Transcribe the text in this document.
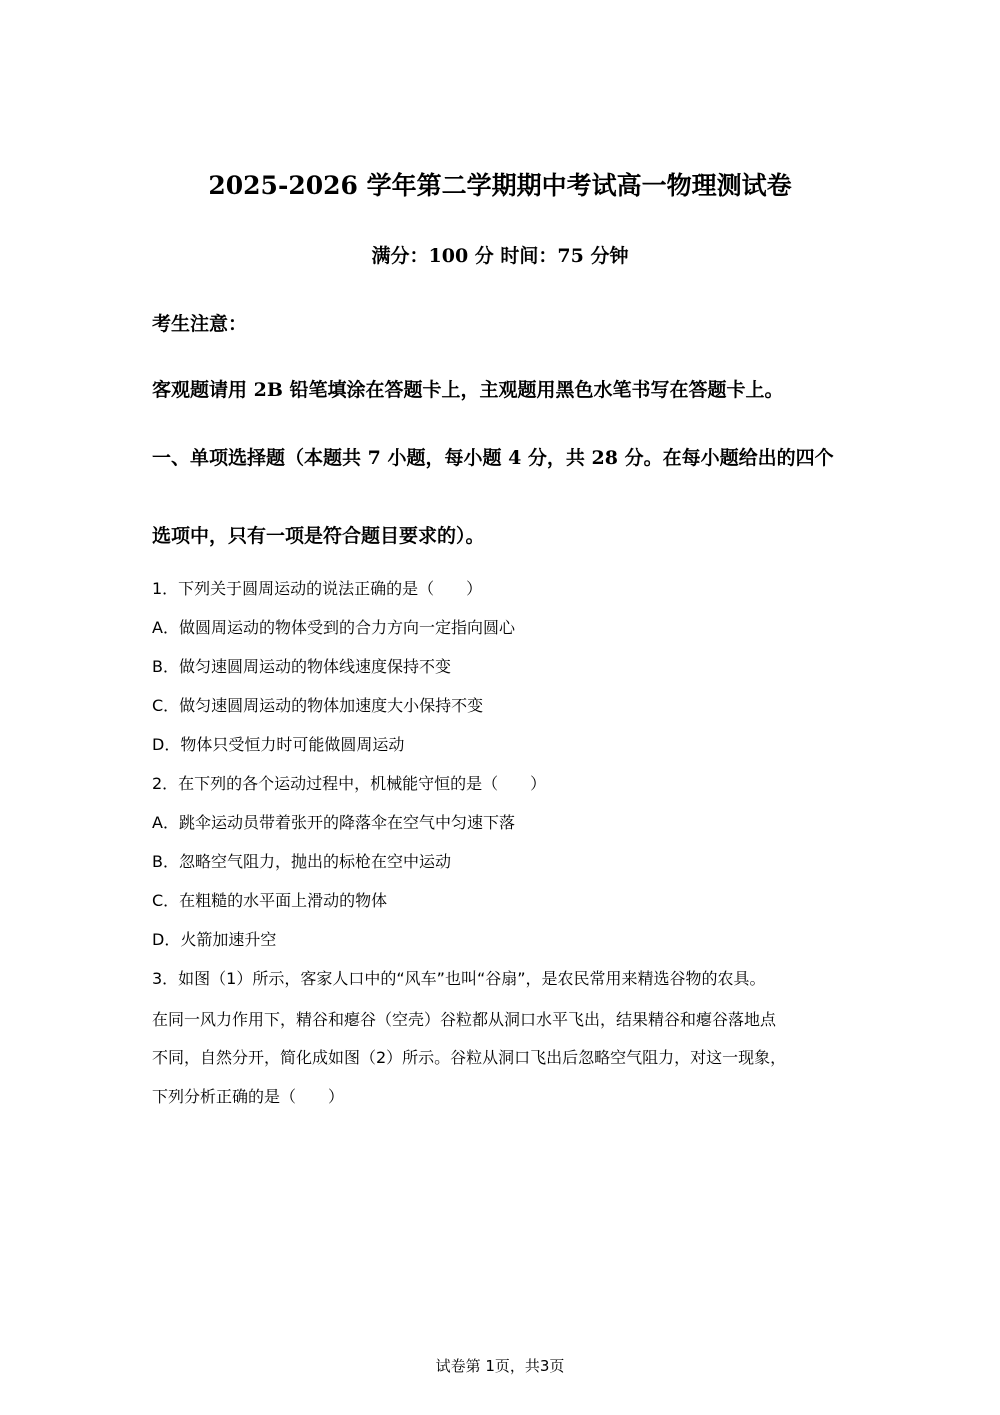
2025-2026 学年第二学期期中考试高一物理测试卷
满分：100 分 时间：75 分钟
考生注意：
客观题请用 2B 铅笔填涂在答题卡上，主观题用黑色水笔书写在答题卡上。
一、单项选择题（本题共 7 小题，每小题 4 分，共 28 分。在每小题给出的四个
选项中，只有一项是符合题目要求的）。
1．下列关于圆周运动的说法正确的是（　　）
A．做圆周运动的物体受到的合力方向一定指向圆心
B．做匀速圆周运动的物体线速度保持不变
C．做匀速圆周运动的物体加速度大小保持不变
D．物体只受恒力时可能做圆周运动
2．在下列的各个运动过程中，机械能守恒的是（　　）
A．跳伞运动员带着张开的降落伞在空气中匀速下落
B．忽略空气阻力，抛出的标枪在空中运动
C．在粗糙的水平面上滑动的物体
D．火箭加速升空
3．如图（1）所示，客家人口中的“风车”也叫“谷扇”，是农民常用来精选谷物的农具。
在同一风力作用下，精谷和瘪谷（空壳）谷粒都从洞口水平飞出，结果精谷和瘪谷落地点
不同，自然分开，简化成如图（2）所示。谷粒从洞口飞出后忽略空气阻力，对这一现象，
下列分析正确的是（　　）
试卷第 1页，共3页
